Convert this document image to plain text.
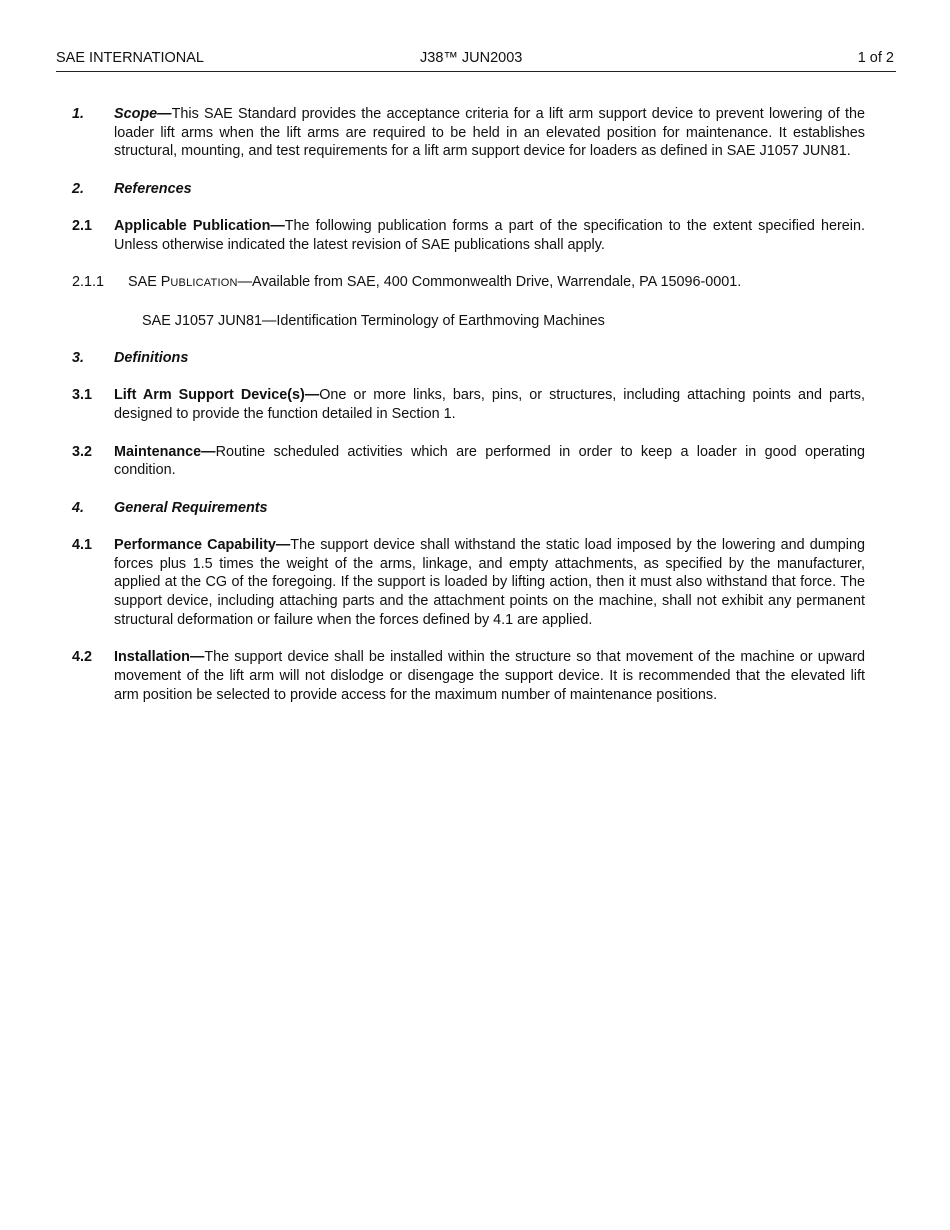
SAE INTERNATIONAL	J38™ JUN2003	1 of 2
1. Scope—This SAE Standard provides the acceptance criteria for a lift arm support device to prevent lowering of the loader lift arms when the lift arms are required to be held in an elevated position for maintenance. It establishes structural, mounting, and test requirements for a lift arm support device for loaders as defined in SAE J1057 JUN81.
2. References
2.1 Applicable Publication—The following publication forms a part of the specification to the extent specified herein. Unless otherwise indicated the latest revision of SAE publications shall apply.
2.1.1 SAE PUBLICATION—Available from SAE, 400 Commonwealth Drive, Warrendale, PA 15096-0001.
SAE J1057 JUN81—Identification Terminology of Earthmoving Machines
3. Definitions
3.1 Lift Arm Support Device(s)—One or more links, bars, pins, or structures, including attaching points and parts, designed to provide the function detailed in Section 1.
3.2 Maintenance—Routine scheduled activities which are performed in order to keep a loader in good operating condition.
4. General Requirements
4.1 Performance Capability—The support device shall withstand the static load imposed by the lowering and dumping forces plus 1.5 times the weight of the arms, linkage, and empty attachments, as specified by the manufacturer, applied at the CG of the foregoing. If the support is loaded by lifting action, then it must also withstand that force. The support device, including attaching parts and the attachment points on the machine, shall not exhibit any permanent structural deformation or failure when the forces defined by 4.1 are applied.
4.2 Installation—The support device shall be installed within the structure so that movement of the machine or upward movement of the lift arm will not dislodge or disengage the support device. It is recommended that the elevated lift arm position be selected to provide access for the maximum number of maintenance positions.
